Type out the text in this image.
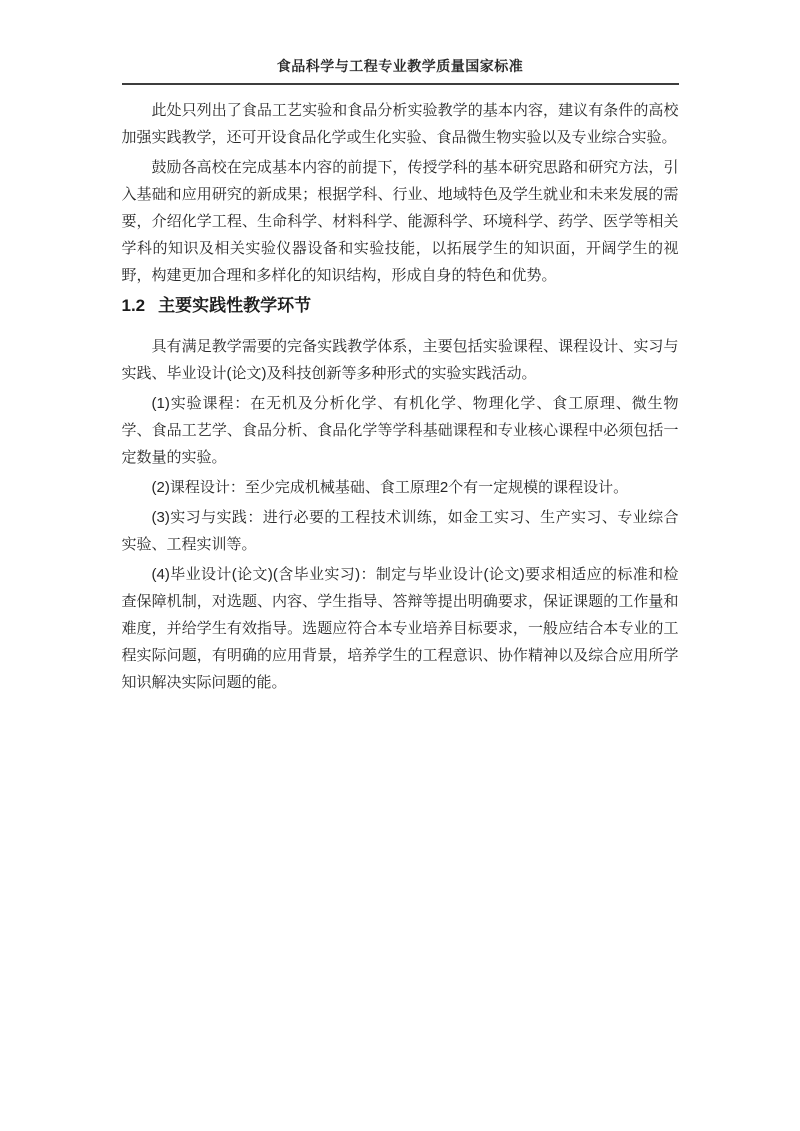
食品科学与工程专业教学质量国家标准

此处只列出了食品工艺实验和食品分析实验教学的基本内容，建议有条件的高校加强实践教学，还可开设食品化学或生化实验、食品微生物实验以及专业综合实验。

鼓励各高校在完成基本内容的前提下，传授学科的基本研究思路和研究方法，引入基础和应用研究的新成果；根据学科、行业、地域特色及学生就业和未来发展的需要，介绍化学工程、生命科学、材料科学、能源科学、环境科学、药学、医学等相关学科的知识及相关实验仪器设备和实验技能，以拓展学生的知识面，开阔学生的视野，构建更加合理和多样化的知识结构，形成自身的特色和优势。

1.2 主要实践性教学环节

具有满足教学需要的完备实践教学体系，主要包括实验课程、课程设计、实习与实践、毕业设计(论文)及科技创新等多种形式的实验实践活动。

(1)实验课程：在无机及分析化学、有机化学、物理化学、食工原理、微生物学、食品工艺学、食品分析、食品化学等学科基础课程和专业核心课程中必须包括一定数量的实验。

(2)课程设计：至少完成机械基础、食工原理2个有一定规模的课程设计。

(3)实习与实践：进行必要的工程技术训练，如金工实习、生产实习、专业综合实验、工程实训等。

(4)毕业设计(论文)(含毕业实习)：制定与毕业设计(论文)要求相适应的标准和检查保障机制，对选题、内容、学生指导、答辩等提出明确要求，保证课题的工作量和难度，并给学生有效指导。选题应符合本专业培养目标要求，一般应结合本专业的工程实际问题，有明确的应用背景，培养学生的工程意识、协作精神以及综合应用所学知识解决实际问题的能。
